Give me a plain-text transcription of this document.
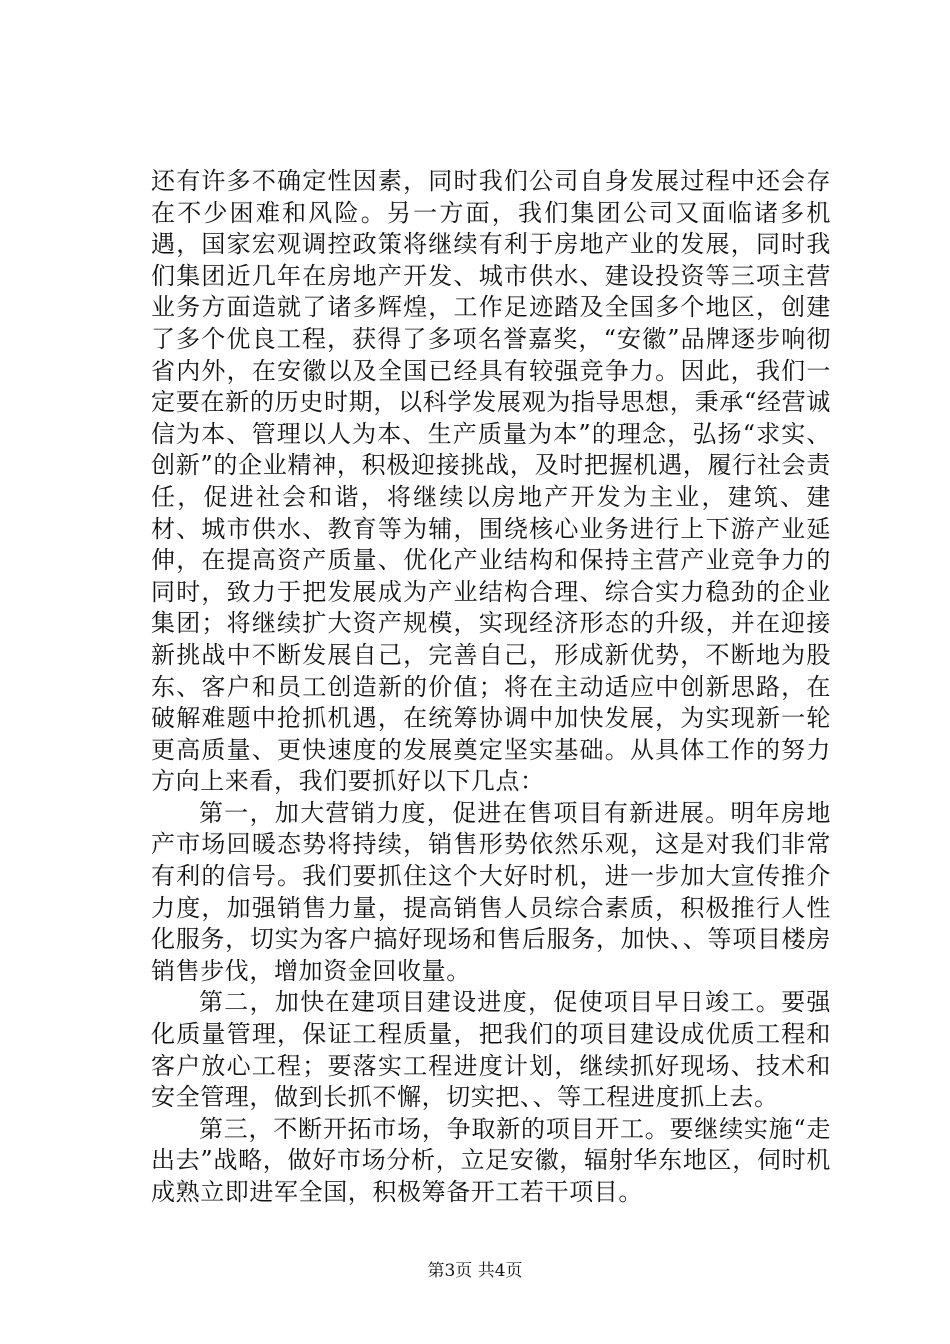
还有许多不确定性因素，同时我们公司自身发展过程中还会存在不少困难和风险。另一方面，我们集团公司又面临诸多机遇，国家宏观调控政策将继续有利于房地产业的发展，同时我们集团近几年在房地产开发、城市供水、建设投资等三项主营业务方面造就了诸多辉煌，工作足迹踏及全国多个地区，创建了多个优良工程，获得了多项名誉嘉奖，“安徽”品牌逐步响彻省内外，在安徽以及全国已经具有较强竞争力。因此，我们一定要在新的历史时期，以科学发展观为指导思想，秉承“经营诚信为本、管理以人为本、生产质量为本”的理念，弘扬“求实、创新”的企业精神，积极迎接挑战，及时把握机遇，履行社会责任，促进社会和谐，将继续以房地产开发为主业，建筑、建材、城市供水、教育等为辅，围绕核心业务进行上下游产业延伸，在提高资产质量、优化产业结构和保持主营产业竞争力的同时，致力于把发展成为产业结构合理、综合实力稳劲的企业集团；将继续扩大资产规模，实现经济形态的升级，并在迎接新挑战中不断发展自己，完善自己，形成新优势，不断地为股东、客户和员工创造新的价值；将在主动适应中创新思路，在破解难题中抢抓机遇，在统筹协调中加快发展，为实现新一轮更高质量、更快速度的发展奠定坚实基础。从具体工作的努力方向上来看，我们要抓好以下几点：

第一，加大营销力度，促进在售项目有新进展。明年房地产市场回暖态势将持续，销售形势依然乐观，这是对我们非常有利的信号。我们要抓住这个大好时机，进一步加大宣传推介力度，加强销售力量，提高销售人员综合素质，积极推行人性化服务，切实为客户搞好现场和售后服务，加快、、等项目楼房销售步伐，增加资金回收量。

第二，加快在建项目建设进度，促使项目早日竣工。要强化质量管理，保证工程质量，把我们的项目建设成优质工程和客户放心工程；要落实工程进度计划，继续抓好现场、技术和安全管理，做到长抓不懈，切实把、、等工程进度抓上去。

第三，不断开拓市场，争取新的项目开工。要继续实施“走出去”战略，做好市场分析，立足安徽，辐射华东地区，伺时机成熟立即进军全国，积极筹备开工若干项目。

第3页 共4页
